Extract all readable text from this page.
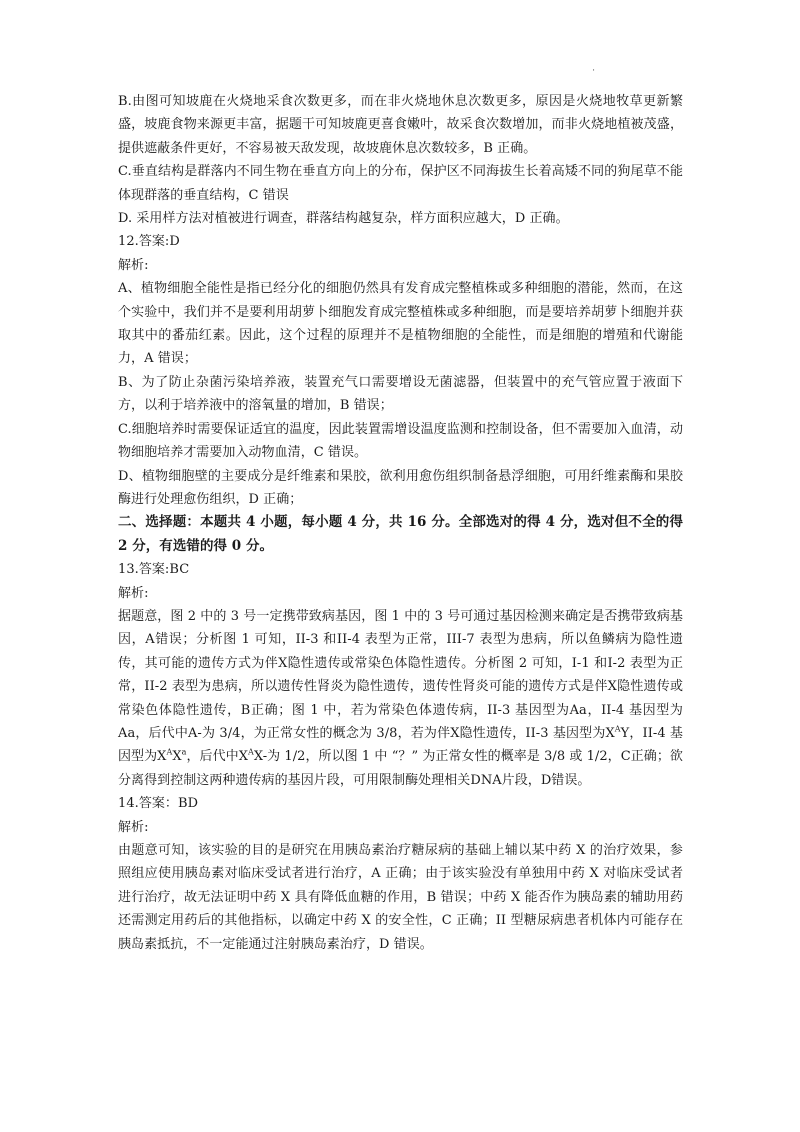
·

B.由图可知坡鹿在火烧地采食次数更多，而在非火烧地休息次数更多，原因是火烧地牧草更新繁盛，坡鹿食物来源更丰富，据题干可知坡鹿更喜食嫩叶，故采食次数增加，而非火烧地植被茂盛，提供遮蔽条件更好，不容易被天敌发现，故坡鹿休息次数较多，B 正确。

C.垂直结构是群落内不同生物在垂直方向上的分布，保护区不同海拔生长着高矮不同的狗尾草不能体现群落的垂直结构，C 错误

D. 采用样方法对植被进行调查，群落结构越复杂，样方面积应越大，D 正确。

12.答案:D

解析:

A、植物细胞全能性是指已经分化的细胞仍然具有发育成完整植株或多种细胞的潜能，然而，在这个实验中，我们并不是要利用胡萝卜细胞发育成完整植株或多种细胞，而是要培养胡萝卜细胞并获取其中的番茄红素。因此，这个过程的原理并不是植物细胞的全能性，而是细胞的增殖和代谢能力，A 错误；

B、为了防止杂菌污染培养液，装置充气口需要增设无菌滤器，但装置中的充气管应置于液面下方，以利于培养液中的溶氧量的增加，B 错误；

C.细胞培养时需要保证适宜的温度，因此装置需增设温度监测和控制设备，但不需要加入血清，动物细胞培养才需要加入动物血清，C 错误。

D、植物细胞壁的主要成分是纤维素和果胶，欲利用愈伤组织制备悬浮细胞，可用纤维素酶和果胶酶进行处理愈伤组织，D 正确；

二、选择题：本题共 4 小题，每小题 4 分，共 16 分。全部选对的得 4 分，选对但不全的得 2 分，有选错的得 0 分。

13.答案:BC

解析:

据题意，图 2 中的 3 号一定携带致病基因，图 1 中的 3 号可通过基因检测来确定是否携带致病基因，A错误；分析图 1 可知，II-3 和II-4 表型为正常，III-7 表型为患病，所以鱼鳞病为隐性遗传，其可能的遗传方式为伴X隐性遗传或常染色体隐性遗传。分析图 2 可知，I-1 和I-2 表型为正常，II-2 表型为患病，所以遗传性肾炎为隐性遗传，遗传性肾炎可能的遗传方式是伴X隐性遗传或常染色体隐性遗传，B正确；图 1 中，若为常染色体遗传病，II-3 基因型为Aa，II-4 基因型为Aa，后代中A-为 3/4，为正常女性的概念为 3/8，若为伴X隐性遗传，II-3 基因型为$X^AY$，II-4 基因型为$X^AX^a$，后代中$X^AX-$为 1/2，所以图 1 中 “？” 为正常女性的概率是 3/8 或 1/2，C正确；欲分离得到控制这两种遗传病的基因片段，可用限制酶处理相关DNA片段，D错误。

14.答案：BD

解析:

由题意可知，该实验的目的是研究在用胰岛素治疗糖尿病的基础上辅以某中药 X 的治疗效果，参照组应使用胰岛素对临床受试者进行治疗，A 正确；由于该实验没有单独用中药 X 对临床受试者进行治疗，故无法证明中药 X 具有降低血糖的作用，B 错误；中药 X 能否作为胰岛素的辅助用药还需测定用药后的其他指标，以确定中药 X 的安全性，C 正确；II 型糖尿病患者机体内可能存在胰岛素抵抗，不一定能通过注射胰岛素治疗，D 错误。
